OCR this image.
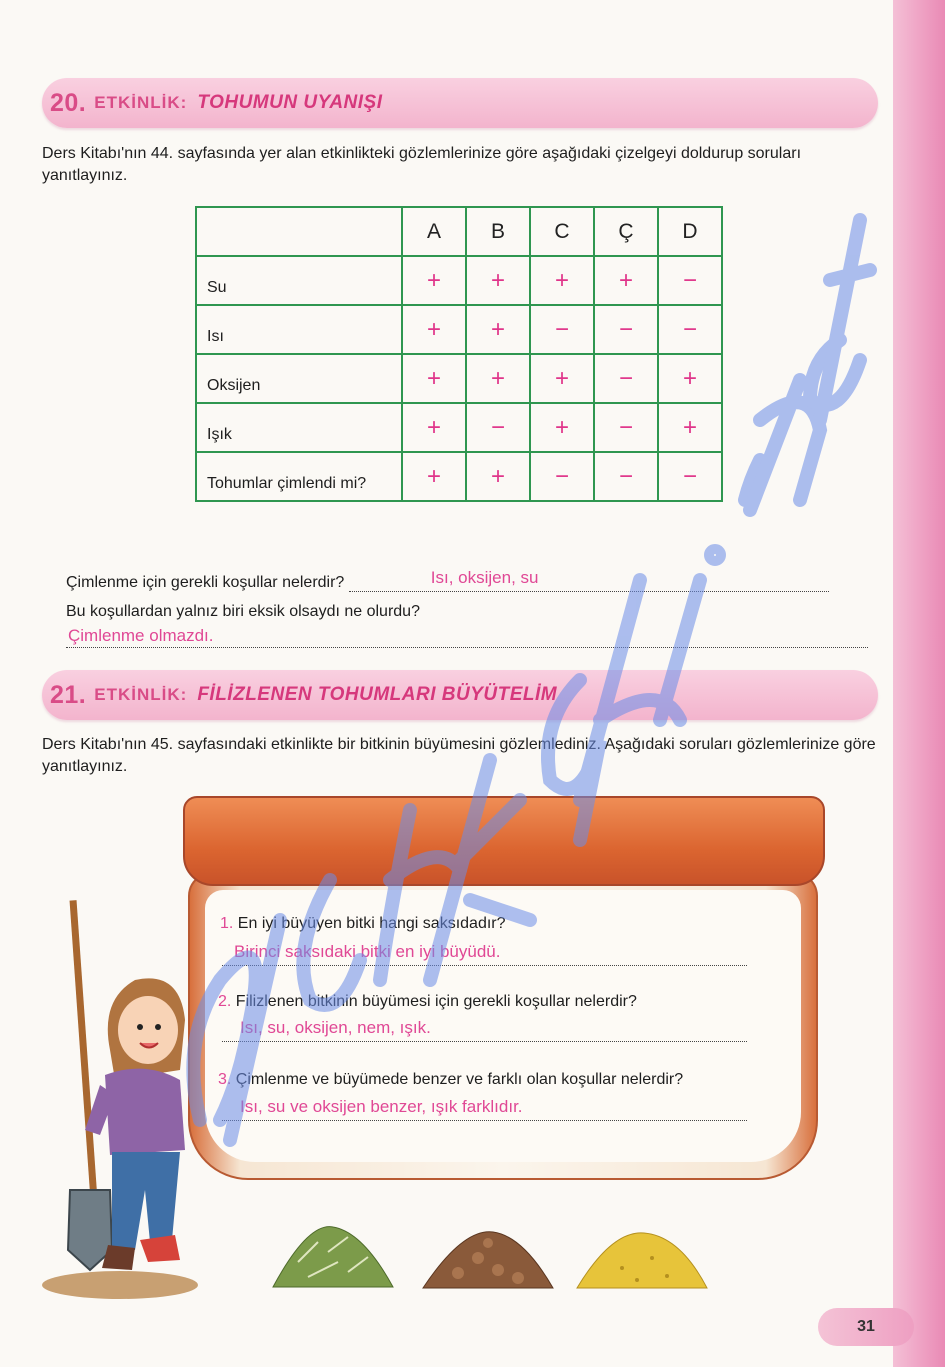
20. ETKİNLİK: TOHUMUN UYANIŞI

Ders Kitabı'nın 44. sayfasında yer alan etkinlikteki gözlemlerinize göre aşağıdaki çizelgeyi doldurup soruları yanıtlayınız.

	A	B	C	Ç	D
Su	+	+	+	+	−
Isı	+	+	−	−	−
Oksijen	+	+	+	−	+
Işık	+	−	+	−	+
Tohumlar çimlendi mi?	+	+	−	−	−
Çimlenme için gerekli koşullar nelerdir?	Isı, oksijen, su
Bu koşullardan yalnız biri eksik olsaydı ne olurdu?
Çimlenme olmazdı.
21. ETKİNLİK: FİLİZLENEN TOHUMLARI BÜYÜTELİM

Ders Kitabı'nın 45. sayfasındaki etkinlikte bir bitkinin büyümesini gözlemlediniz. Aşağıdaki soruları gözlemlerinize göre yanıtlayınız.

1. En iyi büyüyen bitki hangi saksıdadır?
Birinci saksıdaki bitki en iyi büyüdü.
2. Filizlenen bitkinin büyümesi için gerekli koşullar nelerdir?
Isı, su, oksijen, nem, ışık.
3. Çimlenme ve büyümede benzer ve farklı olan koşullar nelerdir?
Isı, su ve oksijen benzer, ışık farklıdır.
31
